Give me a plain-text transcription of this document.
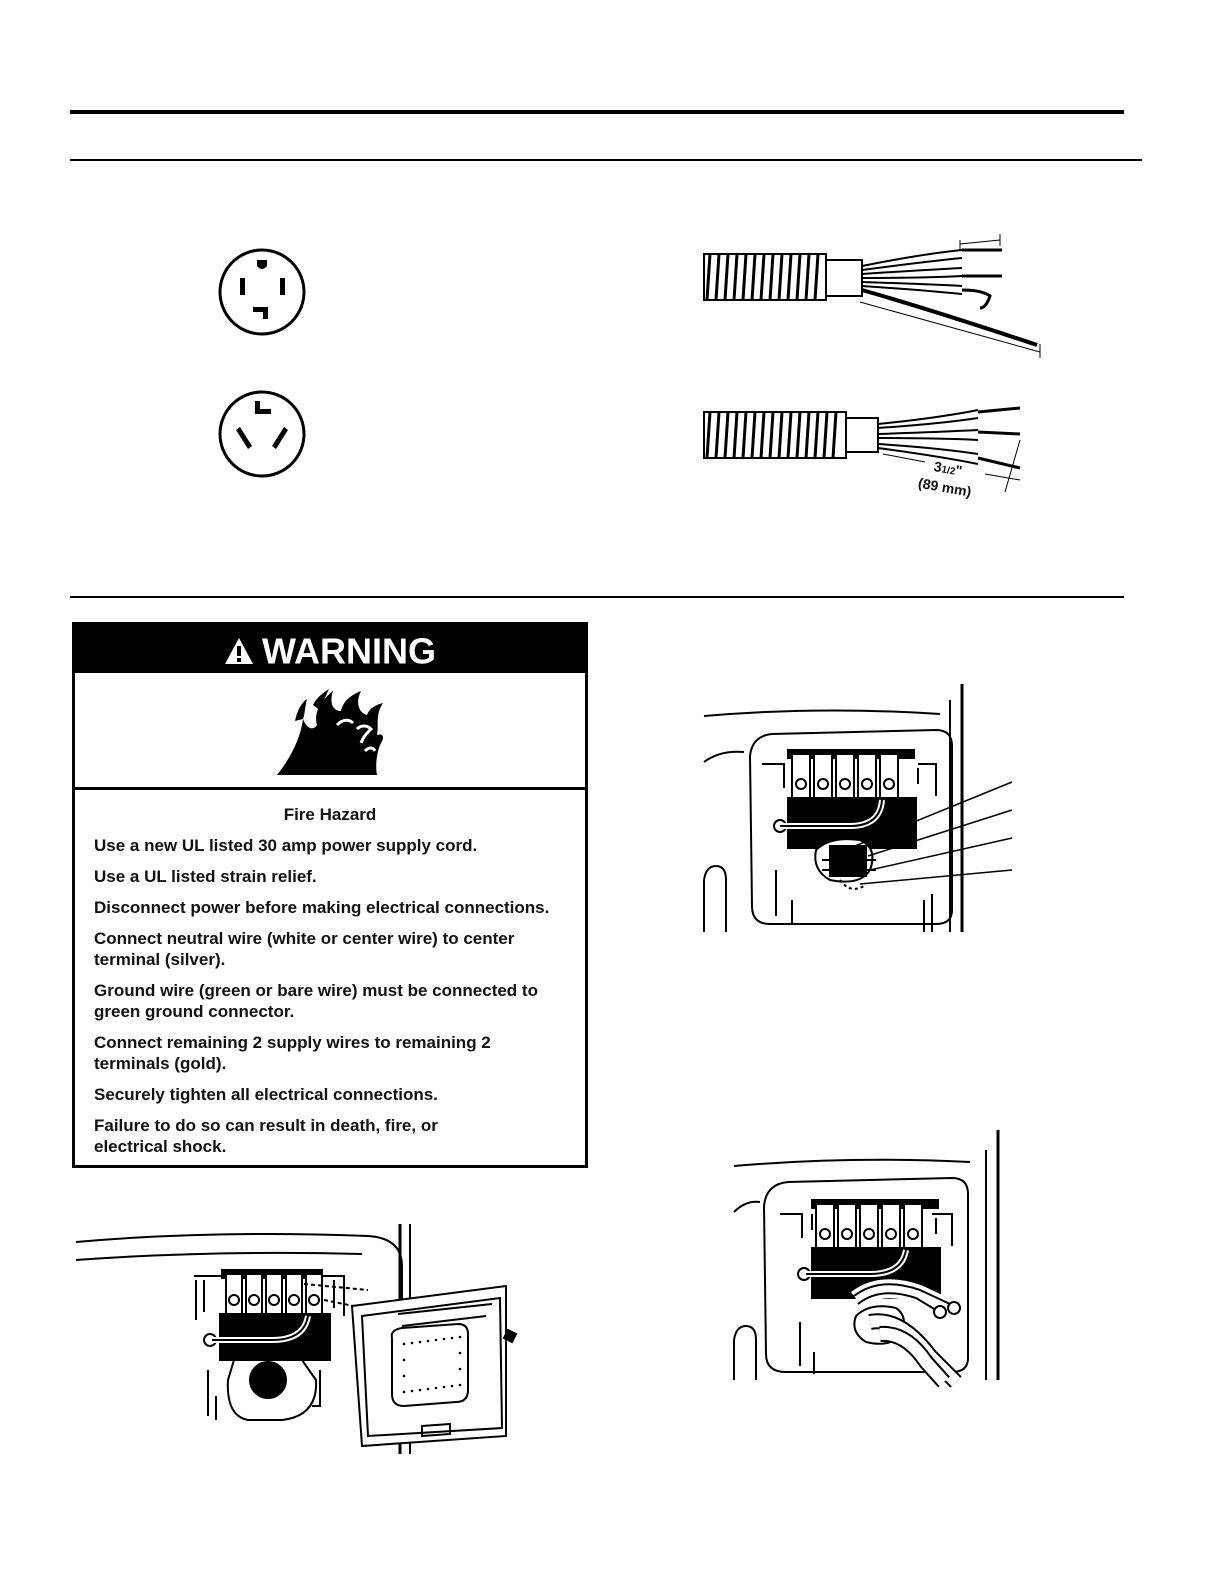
31/2"
(89 mm)
WARNING
Fire Hazard
Use a new UL listed 30 amp power supply cord.
Use a UL listed strain relief.
Disconnect power before making electrical connections.
Connect neutral wire (white or center wire) to center terminal (silver).
Ground wire (green or bare wire) must be connected to green ground connector.
Connect remaining 2 supply wires to remaining 2 terminals (gold).
Securely tighten all electrical connections.
Failure to do so can result in death, fire, or electrical shock.
